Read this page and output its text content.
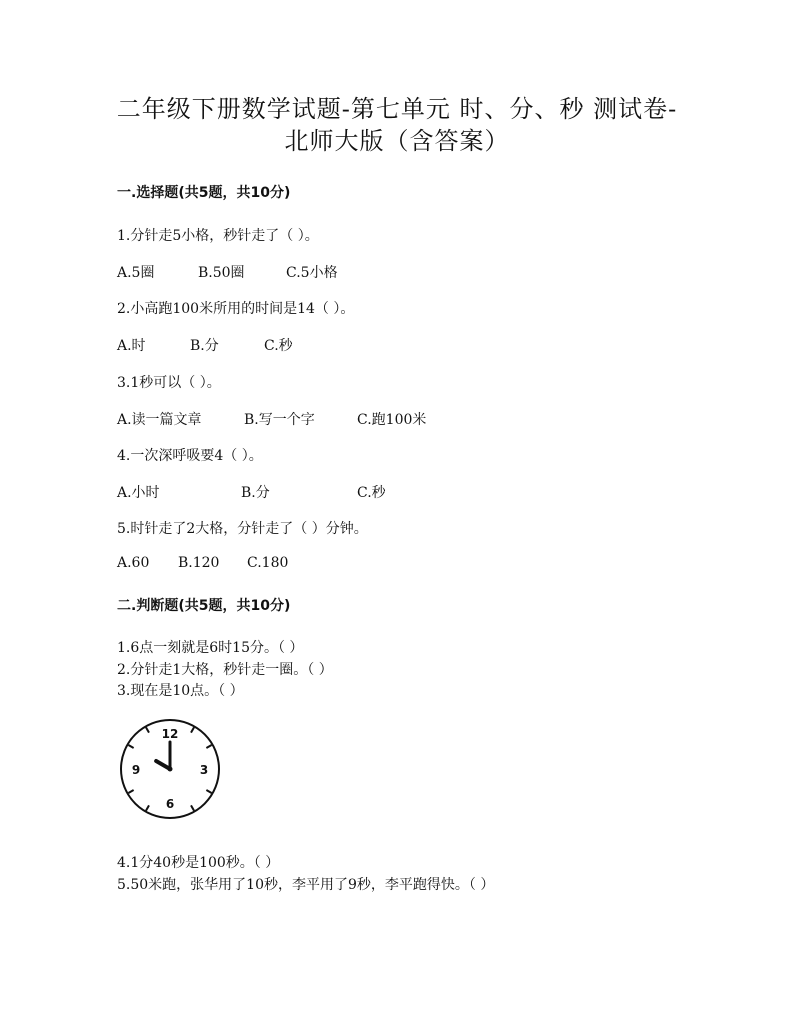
二年级下册数学试题-第七单元 时、分、秒 测试卷-
北师大版（含答案）

一.选择题(共5题，共10分)

1.分针走5小格，秒针走了（ ）。

A.5圈	B.50圈	C.5小格

2.小高跑100米所用的时间是14（ ）。

A.时	B.分	C.秒

3.1秒可以（ ）。

A.读一篇文章	B.写一个字	C.跑100米

4.一次深呼吸要4（ ）。

A.小时	B.分	C.秒

5.时针走了2大格，分针走了（ ）分钟。

A.60 B.120 C.180

二.判断题(共5题，共10分)

1.6点一刻就是6时15分。（ ）

2.分针走1大格，秒针走一圈。（ ）

3.现在是10点。（ ）

12
3
6
9

4.1分40秒是100秒。（ ）

5.50米跑，张华用了10秒，李平用了9秒，李平跑得快。（ ）
